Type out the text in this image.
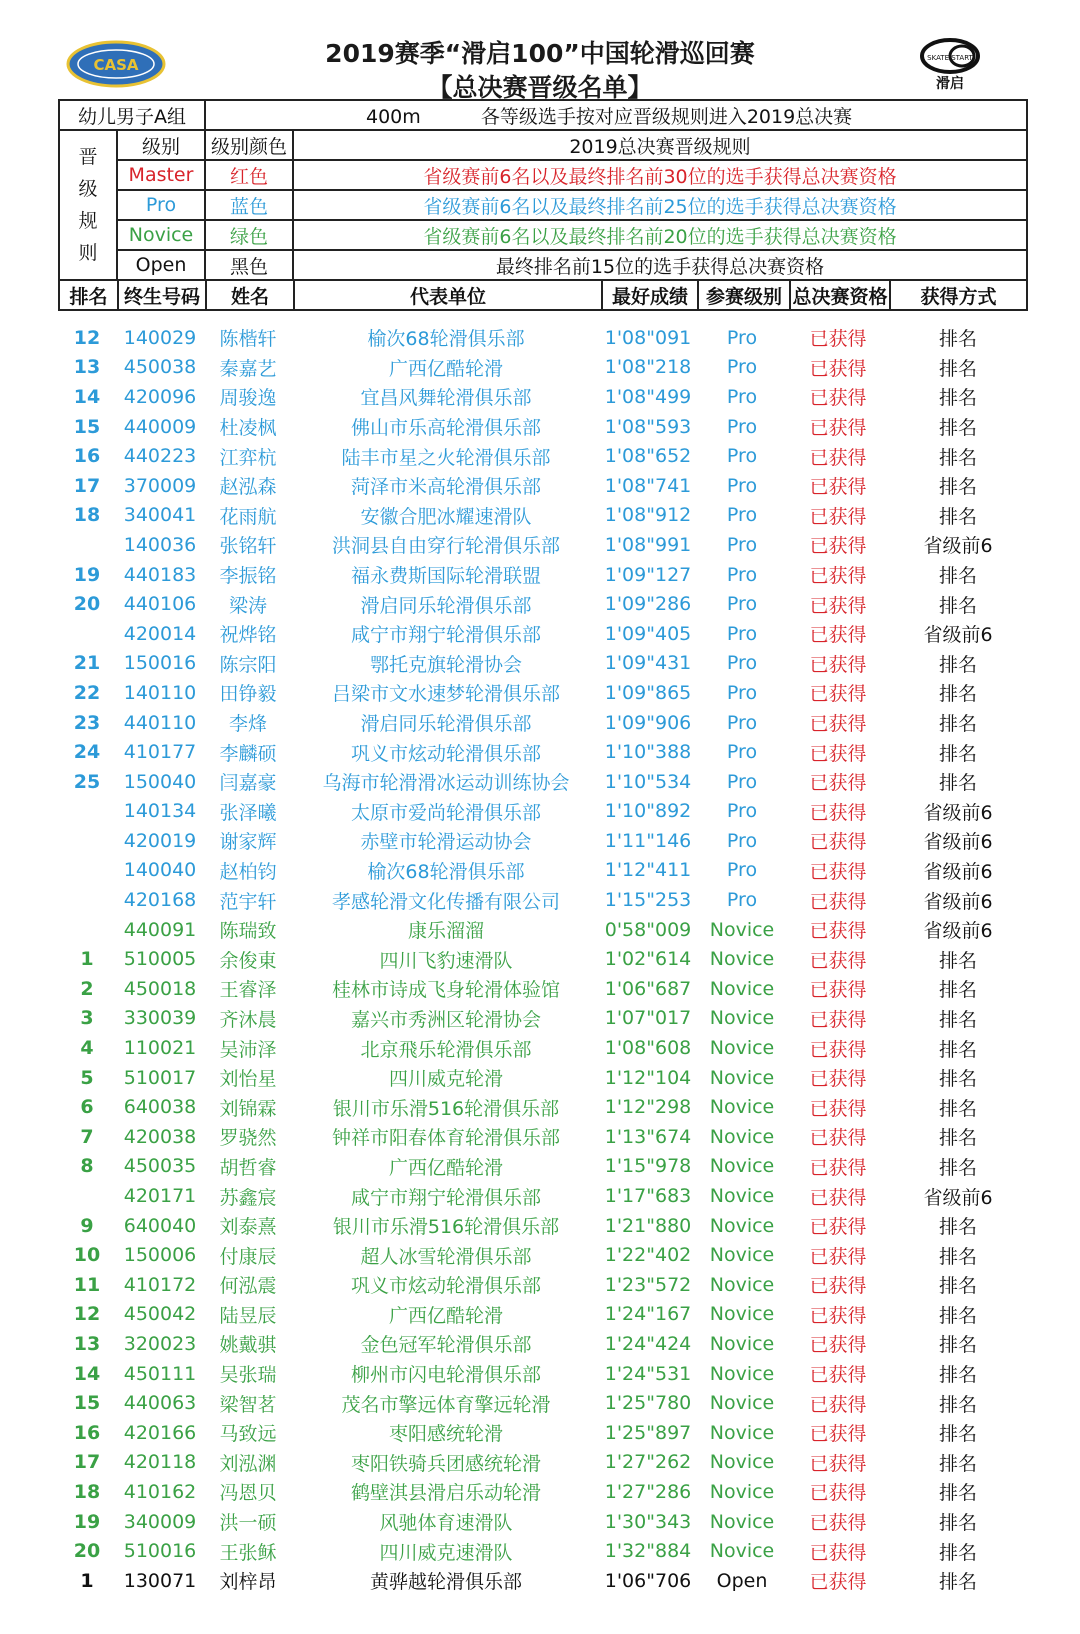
CASA	2019赛季“滑启100”中国轮滑巡回赛
【总决赛晋级名单】
SKATE START
滑启
幼儿男子A组	400m	各等级选手按对应晋级规则进入2019总决赛

晋
级
规
则
	级别	级别颜色	2019总决赛晋级规则
Master	红色	省级赛前6名以及最终排名前30位的选手获得总决赛资格
Pro	蓝色	省级赛前6名以及最终排名前25位的选手获得总决赛资格
Novice	绿色	省级赛前6名以及最终排名前20位的选手获得总决赛资格
Open	黑色	最终排名前15位的选手获得总决赛资格

排名	终生号码	姓名	代表单位	最好成绩	参赛级别	总决赛资格	获得方式
12	140029	陈楷轩	榆次68轮滑俱乐部	1'08"091	Pro	已获得	排名
13	450038	秦嘉艺	广西亿酷轮滑	1'08"218	Pro	已获得	排名
14	420096	周骏逸	宜昌风舞轮滑俱乐部	1'08"499	Pro	已获得	排名
15	440009	杜凌枫	佛山市乐高轮滑俱乐部	1'08"593	Pro	已获得	排名
16	440223	江弈杭	陆丰市星之火轮滑俱乐部	1'08"652	Pro	已获得	排名
17	370009	赵泓森	菏泽市米高轮滑俱乐部	1'08"741	Pro	已获得	排名
18	340041	花雨航	安徽合肥冰耀速滑队	1'08"912	Pro	已获得	排名
	140036	张铭轩	洪洞县自由穿行轮滑俱乐部	1'08"991	Pro	已获得	省级前6
19	440183	李振铭	福永费斯国际轮滑联盟	1'09"127	Pro	已获得	排名
20	440106	梁涛	滑启同乐轮滑俱乐部	1'09"286	Pro	已获得	排名
	420014	祝烨铭	咸宁市翔宁轮滑俱乐部	1'09"405	Pro	已获得	省级前6
21	150016	陈宗阳	鄂托克旗轮滑协会	1'09"431	Pro	已获得	排名
22	140110	田铮毅	吕梁市文水速梦轮滑俱乐部	1'09"865	Pro	已获得	排名
23	440110	李烽	滑启同乐轮滑俱乐部	1'09"906	Pro	已获得	排名
24	410177	李麟硕	巩义市炫动轮滑俱乐部	1'10"388	Pro	已获得	排名
25	150040	闫嘉豪	乌海市轮滑滑冰运动训练协会	1'10"534	Pro	已获得	排名
	140134	张泽曦	太原市爱尚轮滑俱乐部	1'10"892	Pro	已获得	省级前6
	420019	谢家辉	赤壁市轮滑运动协会	1'11"146	Pro	已获得	省级前6
	140040	赵柏钧	榆次68轮滑俱乐部	1'12"411	Pro	已获得	省级前6
	420168	范宇轩	孝感轮滑文化传播有限公司	1'15"253	Pro	已获得	省级前6
	440091	陈瑞致	康乐溜溜	0'58"009	Novice	已获得	省级前6
1	510005	余俊東	四川飞豹速滑队	1'02"614	Novice	已获得	排名
2	450018	王睿泽	桂林市诗成飞身轮滑体验馆	1'06"687	Novice	已获得	排名
3	330039	齐沐晨	嘉兴市秀洲区轮滑协会	1'07"017	Novice	已获得	排名
4	110021	吴沛泽	北京飛乐轮滑俱乐部	1'08"608	Novice	已获得	排名
5	510017	刘怡星	四川威克轮滑	1'12"104	Novice	已获得	排名
6	640038	刘锦霖	银川市乐滑516轮滑俱乐部	1'12"298	Novice	已获得	排名
7	420038	罗骁然	钟祥市阳春体育轮滑俱乐部	1'13"674	Novice	已获得	排名
8	450035	胡哲睿	广西亿酷轮滑	1'15"978	Novice	已获得	排名
	420171	苏鑫宸	咸宁市翔宁轮滑俱乐部	1'17"683	Novice	已获得	省级前6
9	640040	刘泰熹	银川市乐滑516轮滑俱乐部	1'21"880	Novice	已获得	排名
10	150006	付康辰	超人冰雪轮滑俱乐部	1'22"402	Novice	已获得	排名
11	410172	何泓震	巩义市炫动轮滑俱乐部	1'23"572	Novice	已获得	排名
12	450042	陆昱辰	广西亿酷轮滑	1'24"167	Novice	已获得	排名
13	320023	姚戴骐	金色冠军轮滑俱乐部	1'24"424	Novice	已获得	排名
14	450111	吴张瑞	柳州市闪电轮滑俱乐部	1'24"531	Novice	已获得	排名
15	440063	梁智茗	茂名市擎远体育擎远轮滑	1'25"780	Novice	已获得	排名
16	420166	马致远	枣阳感统轮滑	1'25"897	Novice	已获得	排名
17	420118	刘泓渊	枣阳铁骑兵团感统轮滑	1'27"262	Novice	已获得	排名
18	410162	冯恩贝	鹤壁淇县滑启乐动轮滑	1'27"286	Novice	已获得	排名
19	340009	洪一硕	风驰体育速滑队	1'30"343	Novice	已获得	排名
20	510016	王张稣	四川威克速滑队	1'32"884	Novice	已获得	排名
1	130071	刘梓昂	黄骅越轮滑俱乐部	1'06"706	Open	已获得	排名
